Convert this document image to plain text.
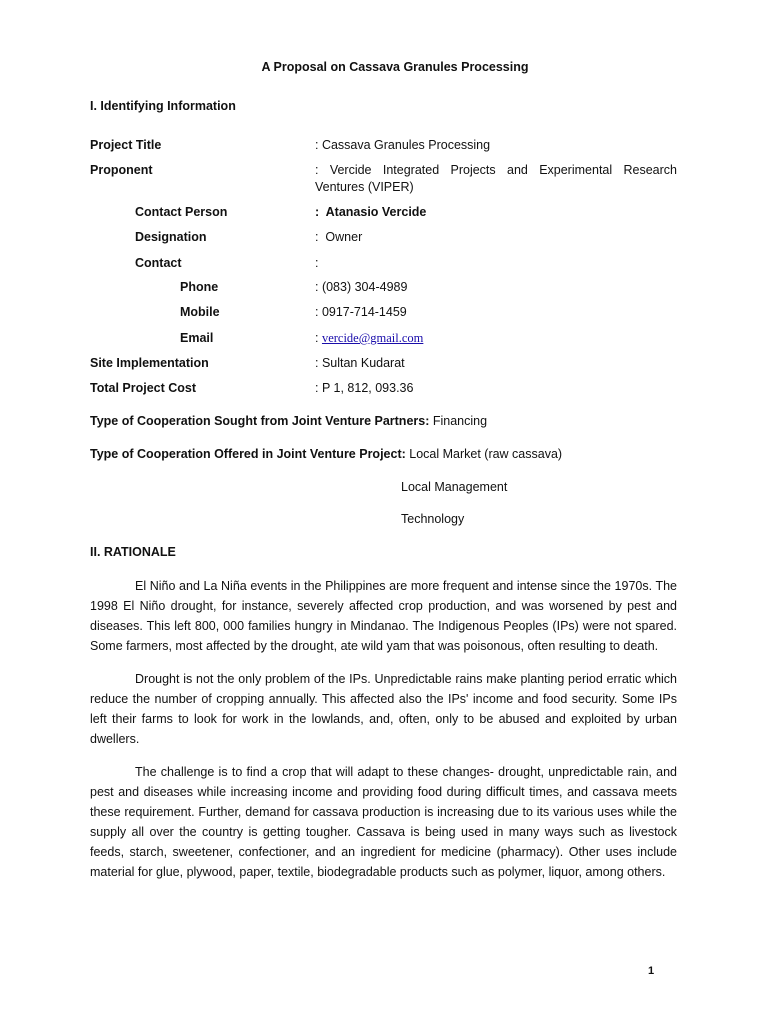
A Proposal on Cassava Granules Processing
I. Identifying Information
Project Title	: Cassava Granules Processing
Proponent	: Vercide Integrated Projects and Experimental Research Ventures (VIPER)
Contact Person	:  Atanasio Vercide
Designation	:  Owner
Contact	:
Phone	: (083) 304-4989
Mobile	: 0917-714-1459
Email	: vercide@gmail.com
Site Implementation	: Sultan Kudarat
Total Project Cost	: P 1, 812, 093.36
Type of Cooperation Sought from Joint Venture Partners: Financing
Type of Cooperation Offered in Joint Venture Project: Local Market (raw cassava)
Local Management
Technology
II. RATIONALE
El Niño and La Niña events in the Philippines are more frequent and intense since the 1970s. The 1998 El Niño drought, for instance, severely affected crop production, and was worsened by pest and diseases. This left 800, 000 families hungry in Mindanao. The Indigenous Peoples (IPs) were not spared. Some farmers, most affected by the drought, ate wild yam that was poisonous, often resulting to death.
Drought is not the only problem of the IPs. Unpredictable rains make planting period erratic which reduce the number of cropping annually. This affected also the IPs' income and food security. Some IPs left their farms to look for work in the lowlands, and, often, only to be abused and exploited by urban dwellers.
The challenge is to find a crop that will adapt to these changes- drought, unpredictable rain, and pest and diseases while increasing income and providing food during difficult times, and cassava meets these requirement. Further, demand for cassava production is increasing due to its various uses while the supply all over the country is getting tougher. Cassava is being used in many ways such as livestock feeds, starch, sweetener, confectioner, and an ingredient for medicine (pharmacy). Other uses include material for glue, plywood, paper, textile, biodegradable products such as polymer, liquor, among others.
1
